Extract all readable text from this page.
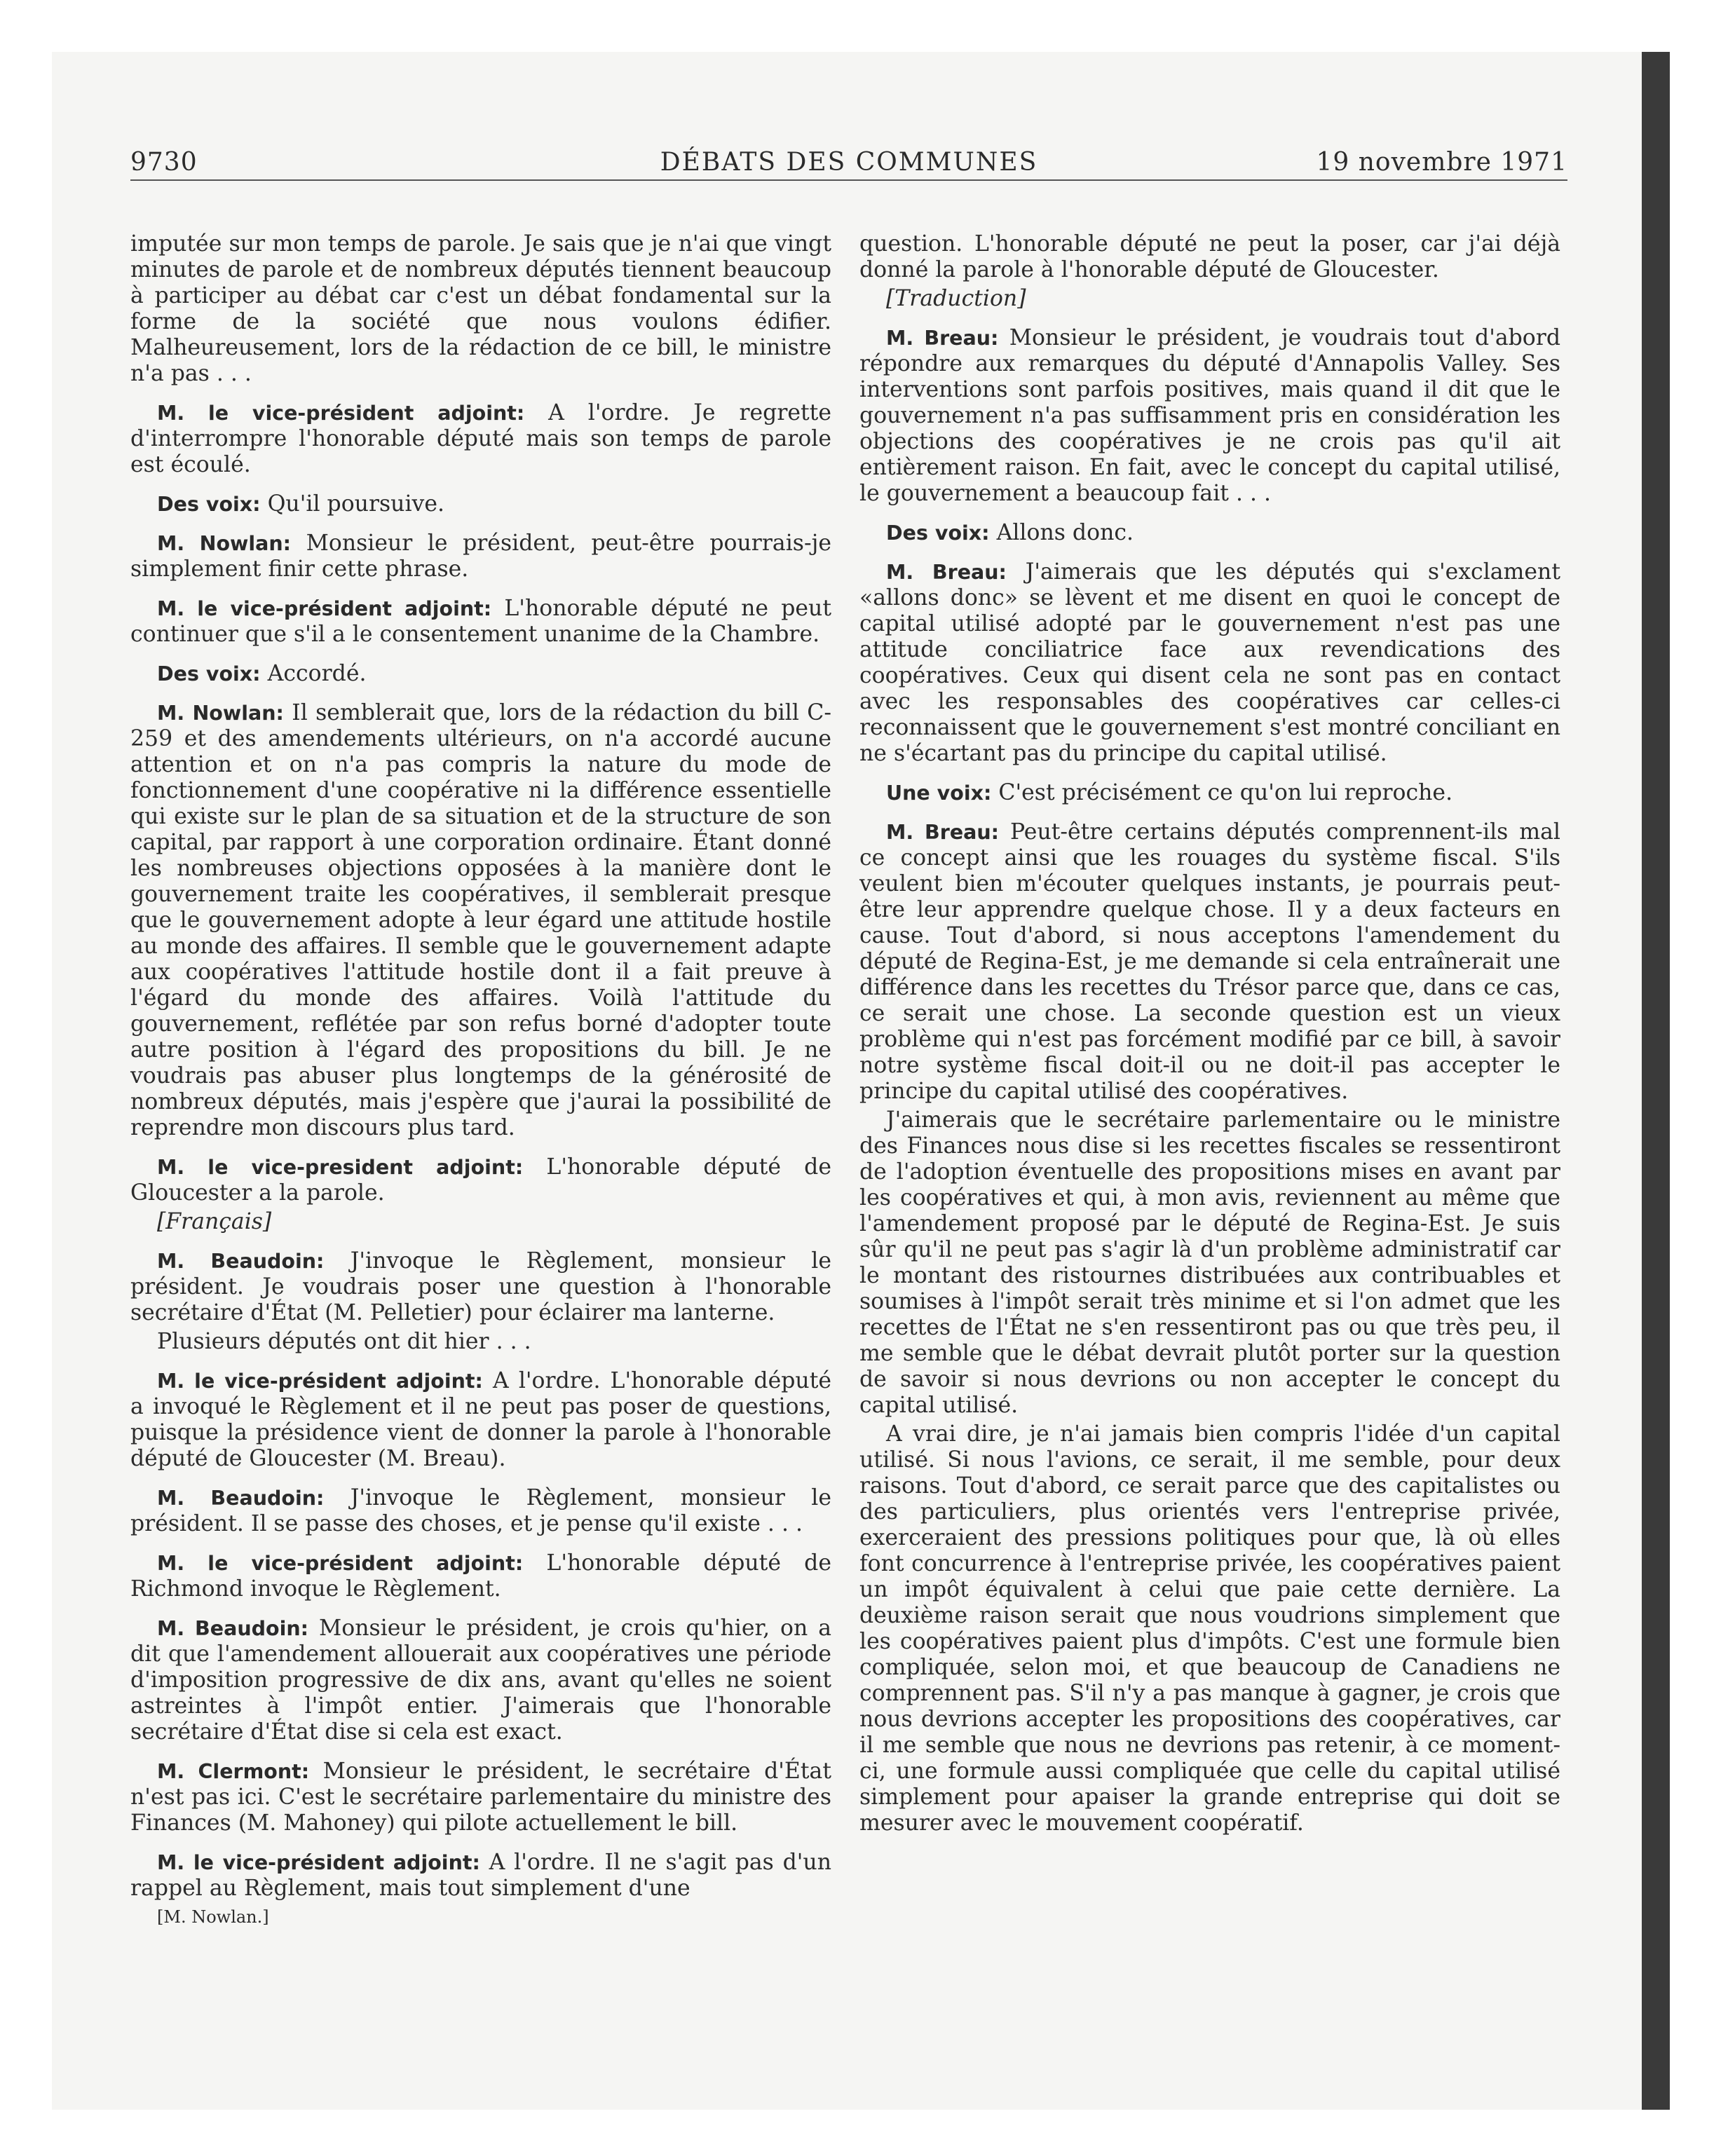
9730	DÉBATS DES COMMUNES	19 novembre 1971

imputée sur mon temps de parole. Je sais que je n'ai que vingt minutes de parole et de nombreux députés tiennent beaucoup à participer au débat car c'est un débat fondamental sur la forme de la société que nous voulons édifier. Malheureusement, lors de la rédaction de ce bill, le ministre n'a pas . . .

M. le vice-président adjoint: A l'ordre. Je regrette d'interrompre l'honorable député mais son temps de parole est écoulé.

Des voix: Qu'il poursuive.

M. Nowlan: Monsieur le président, peut-être pourrais-je simplement finir cette phrase.

M. le vice-président adjoint: L'honorable député ne peut continuer que s'il a le consentement unanime de la Chambre.

Des voix: Accordé.

M. Nowlan: Il semblerait que, lors de la rédaction du bill C-259 et des amendements ultérieurs, on n'a accordé aucune attention et on n'a pas compris la nature du mode de fonctionnement d'une coopérative ni la différence essentielle qui existe sur le plan de sa situation et de la structure de son capital, par rapport à une corporation ordinaire. Étant donné les nombreuses objections opposées à la manière dont le gouvernement traite les coopératives, il semblerait presque que le gouvernement adopte à leur égard une attitude hostile au monde des affaires. Il semble que le gouvernement adapte aux coopératives l'attitude hostile dont il a fait preuve à l'égard du monde des affaires. Voilà l'attitude du gouvernement, reflétée par son refus borné d'adopter toute autre position à l'égard des propositions du bill. Je ne voudrais pas abuser plus longtemps de la générosité de nombreux députés, mais j'espère que j'aurai la possibilité de reprendre mon discours plus tard.

M. le vice-president adjoint: L'honorable député de Gloucester a la parole.

[Français]

M. Beaudoin: J'invoque le Règlement, monsieur le président. Je voudrais poser une question à l'honorable secrétaire d'État (M. Pelletier) pour éclairer ma lanterne.

Plusieurs députés ont dit hier . . .

M. le vice-président adjoint: A l'ordre. L'honorable député a invoqué le Règlement et il ne peut pas poser de questions, puisque la présidence vient de donner la parole à l'honorable député de Gloucester (M. Breau).

M. Beaudoin: J'invoque le Règlement, monsieur le président. Il se passe des choses, et je pense qu'il existe . . .

M. le vice-président adjoint: L'honorable député de Richmond invoque le Règlement.

M. Beaudoin: Monsieur le président, je crois qu'hier, on a dit que l'amendement allouerait aux coopératives une période d'imposition progressive de dix ans, avant qu'elles ne soient astreintes à l'impôt entier. J'aimerais que l'honorable secrétaire d'État dise si cela est exact.

M. Clermont: Monsieur le président, le secrétaire d'État n'est pas ici. C'est le secrétaire parlementaire du ministre des Finances (M. Mahoney) qui pilote actuellement le bill.

M. le vice-président adjoint: A l'ordre. Il ne s'agit pas d'un rappel au Règlement, mais tout simplement d'une

[M. Nowlan.]

question. L'honorable député ne peut la poser, car j'ai déjà donné la parole à l'honorable député de Gloucester.

[Traduction]

M. Breau: Monsieur le président, je voudrais tout d'abord répondre aux remarques du député d'Annapolis Valley. Ses interventions sont parfois positives, mais quand il dit que le gouvernement n'a pas suffisamment pris en considération les objections des coopératives je ne crois pas qu'il ait entièrement raison. En fait, avec le concept du capital utilisé, le gouvernement a beaucoup fait . . .

Des voix: Allons donc.

M. Breau: J'aimerais que les députés qui s'exclament «allons donc» se lèvent et me disent en quoi le concept de capital utilisé adopté par le gouvernement n'est pas une attitude conciliatrice face aux revendications des coopératives. Ceux qui disent cela ne sont pas en contact avec les responsables des coopératives car celles-ci reconnaissent que le gouvernement s'est montré conciliant en ne s'écartant pas du principe du capital utilisé.

Une voix: C'est précisément ce qu'on lui reproche.

M. Breau: Peut-être certains députés comprennent-ils mal ce concept ainsi que les rouages du système fiscal. S'ils veulent bien m'écouter quelques instants, je pourrais peut-être leur apprendre quelque chose. Il y a deux facteurs en cause. Tout d'abord, si nous acceptons l'amendement du député de Regina-Est, je me demande si cela entraînerait une différence dans les recettes du Trésor parce que, dans ce cas, ce serait une chose. La seconde question est un vieux problème qui n'est pas forcément modifié par ce bill, à savoir notre système fiscal doit-il ou ne doit-il pas accepter le principe du capital utilisé des coopératives.

J'aimerais que le secrétaire parlementaire ou le ministre des Finances nous dise si les recettes fiscales se ressentiront de l'adoption éventuelle des propositions mises en avant par les coopératives et qui, à mon avis, reviennent au même que l'amendement proposé par le député de Regina-Est. Je suis sûr qu'il ne peut pas s'agir là d'un problème administratif car le montant des ristournes distribuées aux contribuables et soumises à l'impôt serait très minime et si l'on admet que les recettes de l'État ne s'en ressentiront pas ou que très peu, il me semble que le débat devrait plutôt porter sur la question de savoir si nous devrions ou non accepter le concept du capital utilisé.

A vrai dire, je n'ai jamais bien compris l'idée d'un capital utilisé. Si nous l'avions, ce serait, il me semble, pour deux raisons. Tout d'abord, ce serait parce que des capitalistes ou des particuliers, plus orientés vers l'entreprise privée, exerceraient des pressions politiques pour que, là où elles font concurrence à l'entreprise privée, les coopératives paient un impôt équivalent à celui que paie cette dernière. La deuxième raison serait que nous voudrions simplement que les coopératives paient plus d'impôts. C'est une formule bien compliquée, selon moi, et que beaucoup de Canadiens ne comprennent pas. S'il n'y a pas manque à gagner, je crois que nous devrions accepter les propositions des coopératives, car il me semble que nous ne devrions pas retenir, à ce moment-ci, une formule aussi compliquée que celle du capital utilisé simplement pour apaiser la grande entreprise qui doit se mesurer avec le mouvement coopératif.
